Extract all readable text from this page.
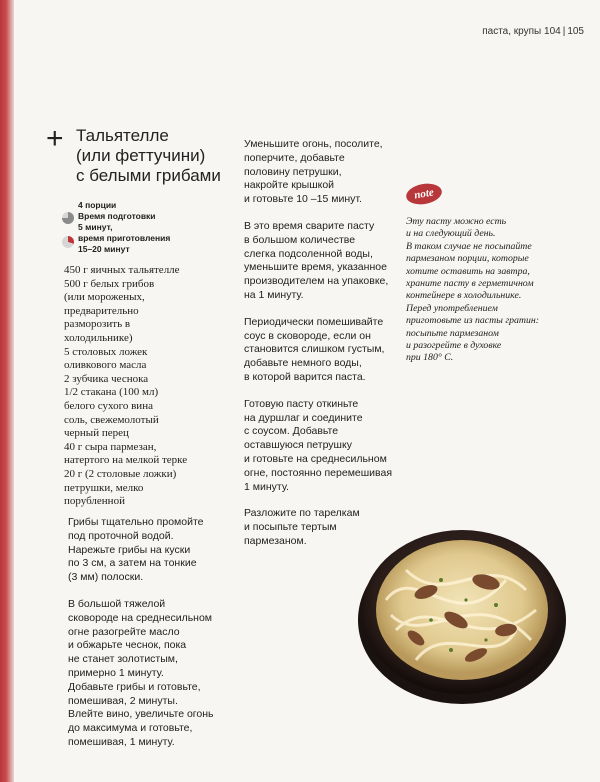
паста, крупы 104 | 105
+ Тальятелле
(или феттучини)
с белыми грибами
4 порции
Время подготовки
5 минут,
время приготовления
15–20 минут
450 г яичных тальятелле
500 г белых грибов
(или мороженых,
предварительно
разморозить в
холодильнике)
5 столовых ложек
оливкового масла
2 зубчика чеснока
1/2 стакана (100 мл)
белого сухого вина
соль, свежемолотый
черный перец
40 г сыра пармезан,
натертого на мелкой терке
20 г (2 столовые ложки)
петрушки, мелко
порубленной
Грибы тщательно промойте
под проточной водой.
Нарежьте грибы на куски
по 3 см, а затем на тонкие
(3 мм) полоски.
В большой тяжелой
сковороде на среднесильном
огне разогрейте масло
и обжарьте чеснок, пока
не станет золотистым,
примерно 1 минуту.
Добавьте грибы и готовьте,
помешивая, 2 минуты.
Влейте вино, увеличьте огонь
до максимума и готовьте,
помешивая, 1 минуту.
Уменьшите огонь, посолите,
поперчите, добавьте
половину петрушки,
накройте крышкой
и готовьте 10 –15 минут.
В это время сварите пасту
в большом количестве
слегка подсоленной воды,
уменьшите время, указанное
производителем на упаковке,
на 1 минуту.
Периодически помешивайте
соус в сковороде, если он
становится слишком густым,
добавьте немного воды,
в которой варится паста.
Готовую пасту откиньте
на дуршлаг и соедините
с соусом. Добавьте
оставшуюся петрушку
и готовьте на среднесильном
огне, постоянно перемешивая
1 минуту.
Разложите по тарелкам
и посыпьте тертым
пармезаном.
note
Эту пасту можно есть
и на следующий день.
В таком случае не посыпайте
пармезаном порции, которые
хотите оставить на завтра,
храните пасту в герметичном
контейнере в холодильнике.
Перед употреблением
приготовьте из пасты гратин:
посыпьте пармезаном
и разогрейте в духовке
при 180° С.
